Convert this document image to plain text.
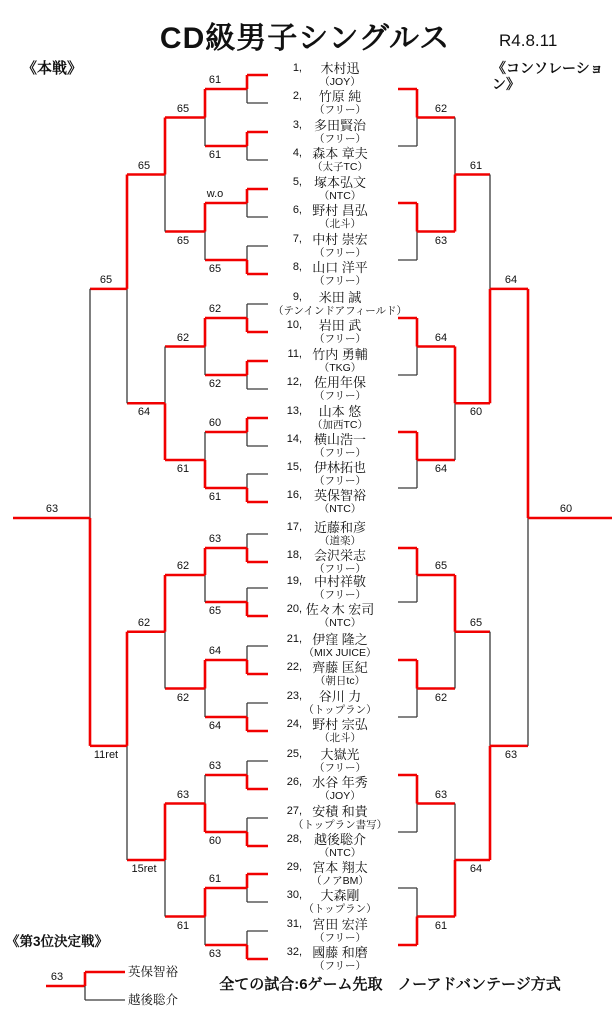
CD級男子シングルス	R4.8.11
《本戦》	《コンソレーション》
《第3位決定戦》
全ての試合:6ゲーム先取　ノーアドバンテージ方式
英保智裕
越後聡介
61
61
w.o
65
62
62
60
61
63
65
64
64
63
60
61
63
65
65
62
61
62
62
63
61
65
64
62
15ret
65
11ret
63
62
63
64
64
65
62
63
61
61
60
65
64
64
63
60
63
1,	木村迅
（JOY）
2,	竹原 純
（フリー）
3, 多田賢治
（フリー）
4, 森本 章夫
（太子TC）
5, 塚本弘文
（NTC）
6, 野村 昌弘
（北斗）
7, 中村 崇宏
（フリー）
8, 山口 洋平
（フリー）
9,	米田 誠
（テンインドアフィールド）
10,	岩田 武
（フリー）
11, 竹内 勇輔
（TKG）
12, 佐用年保
（フリー）
13,	山本 悠
（加西TC）
14, 横山浩一
（フリー）
15, 伊林拓也
（フリー）
16, 英保智裕
（NTC）
17, 近藤和彦
（道楽）
18, 会沢栄志
（フリー）
19, 中村祥敬
（フリー）
20, 佐々木 宏司
（NTC）
21, 伊窪 隆之
（MIX JUICE）
22, 齊藤 匡紀
（朝日tc）
23,	谷川 力
（トップラン）
24, 野村 宗弘
（北斗）
25,	大嶽光
（フリー）
26, 水谷 年秀
（JOY）
27, 安積 和貴
（トップラン書写）
28, 越後聡介
（NTC）
29, 宮本 翔太
（ノアBM）
30,	大森剛
（トップラン）
31, 宮田 宏洋
（フリー）
32, 國藤 和磨
（フリー）
